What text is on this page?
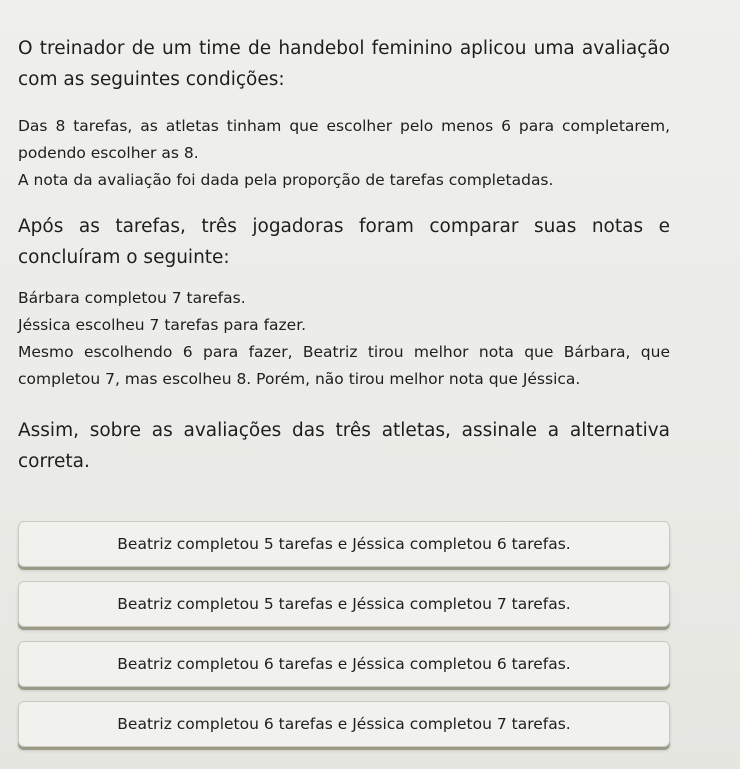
O treinador de um time de handebol feminino aplicou uma avaliação com as seguintes condições:

Das 8 tarefas, as atletas tinham que escolher pelo menos 6 para completarem, podendo escolher as 8.
A nota da avaliação foi dada pela proporção de tarefas completadas.

Após as tarefas, três jogadoras foram comparar suas notas e concluíram o seguinte:

Bárbara completou 7 tarefas.
Jéssica escolheu 7 tarefas para fazer.
Mesmo escolhendo 6 para fazer, Beatriz tirou melhor nota que Bárbara, que completou 7, mas escolheu 8. Porém, não tirou melhor nota que Jéssica.

Assim, sobre as avaliações das três atletas, assinale a alternativa correta.

Beatriz completou 5 tarefas e Jéssica completou 6 tarefas.
Beatriz completou 5 tarefas e Jéssica completou 7 tarefas.
Beatriz completou 6 tarefas e Jéssica completou 6 tarefas.
Beatriz completou 6 tarefas e Jéssica completou 7 tarefas.
